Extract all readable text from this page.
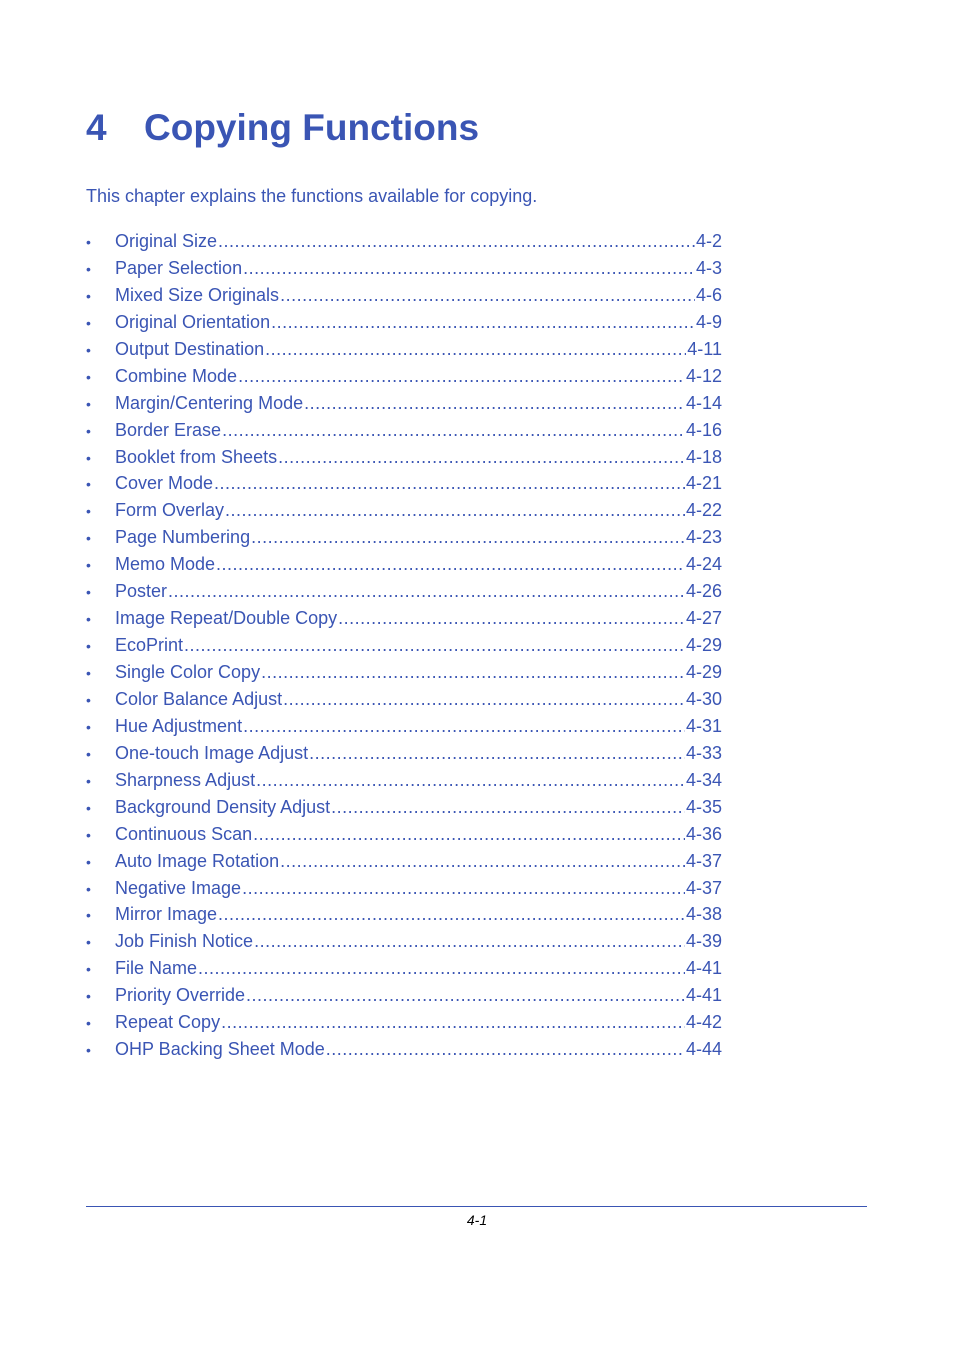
4 Copying Functions

This chapter explains the functions available for copying.

•	Original Size .....	4-2
•	Paper Selection .....	4-3
•	Mixed Size Originals .....	4-6
•	Original Orientation .....	4-9
•	Output Destination .....	4-11
•	Combine Mode .....	4-12
•	Margin/Centering Mode .....	4-14
•	Border Erase .....	4-16
•	Booklet from Sheets .....	4-18
•	Cover Mode .....	4-21
•	Form Overlay .....	4-22
•	Page Numbering .....	4-23
•	Memo Mode .....	4-24
•	Poster .....	4-26
•	Image Repeat/Double Copy .....	4-27
•	EcoPrint .....	4-29
•	Single Color Copy .....	4-29
•	Color Balance Adjust .....	4-30
•	Hue Adjustment .....	4-31
•	One-touch Image Adjust .....	4-33
•	Sharpness Adjust .....	4-34
•	Background Density Adjust .....	4-35
•	Continuous Scan .....	4-36
•	Auto Image Rotation .....	4-37
•	Negative Image .....	4-37
•	Mirror Image .....	4-38
•	Job Finish Notice .....	4-39
•	File Name .....	4-41
•	Priority Override .....	4-41
•	Repeat Copy .....	4-42
•	OHP Backing Sheet Mode .....	4-44
4-1
